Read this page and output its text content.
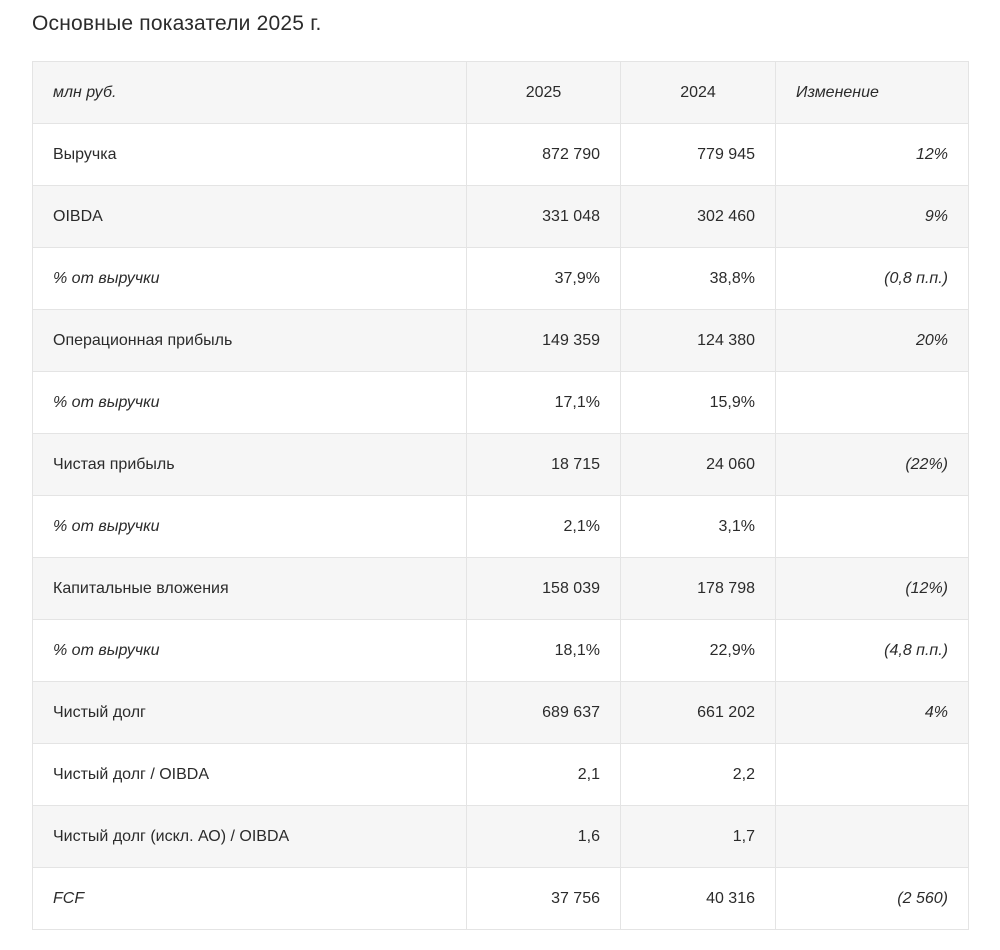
Основные показатели 2025 г.
млн руб.	2025	2024	Изменение
Выручка	872 790	779 945	12%
OIBDA	331 048	302 460	9%
% от выручки	37,9%	38,8%	(0,8 п.п.)
Операционная прибыль	149 359	124 380	20%
% от выручки	17,1%	15,9%	
Чистая прибыль	18 715	24 060	(22%)
% от выручки	2,1%	3,1%	
Капитальные вложения	158 039	178 798	(12%)
% от выручки	18,1%	22,9%	(4,8 п.п.)
Чистый долг	689 637	661 202	4%
Чистый долг / OIBDA	2,1	2,2	
Чистый долг (искл. АО) / OIBDA	1,6	1,7	
FCF	37 756	40 316	(2 560)
